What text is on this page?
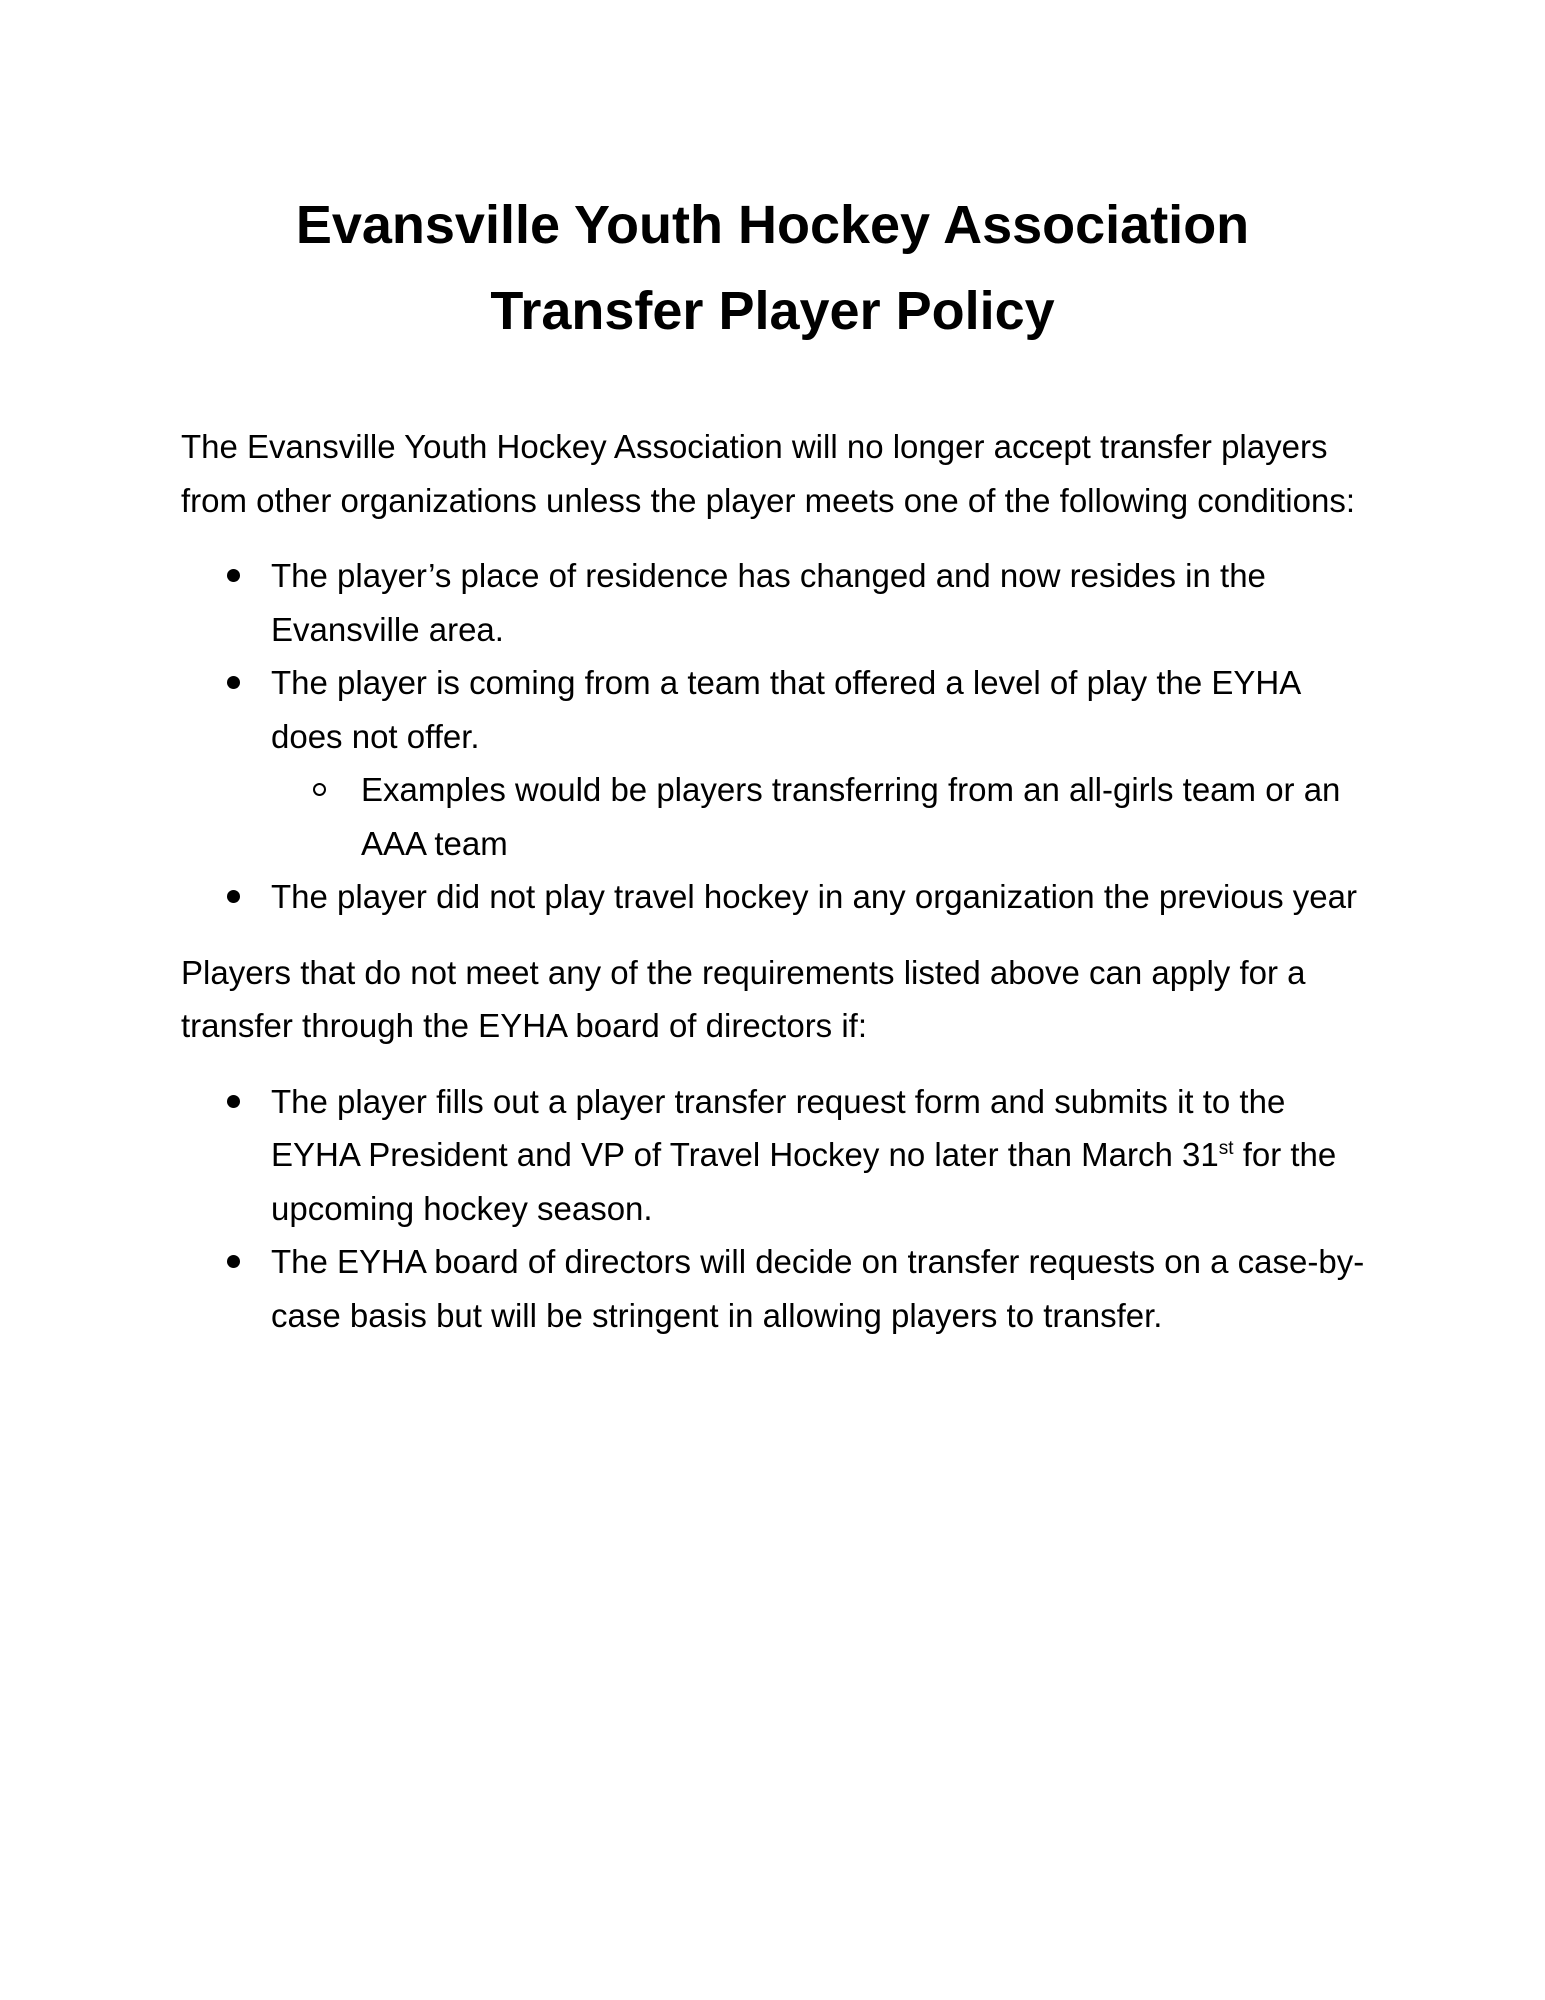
Evansville Youth Hockey Association
Transfer Player Policy

The Evansville Youth Hockey Association will no longer accept transfer players from other organizations unless the player meets one of the following conditions:

The player’s place of residence has changed and now resides in the Evansville area.
The player is coming from a team that offered a level of play the EYHA does not offer.
Examples would be players transferring from an all-girls team or an AAA team
The player did not play travel hockey in any organization the previous year

Players that do not meet any of the requirements listed above can apply for a transfer through the EYHA board of directors if:

The player fills out a player transfer request form and submits it to the EYHA President and VP of Travel Hockey no later than March 31st for the upcoming hockey season.
The EYHA board of directors will decide on transfer requests on a case-by-case basis but will be stringent in allowing players to transfer.
